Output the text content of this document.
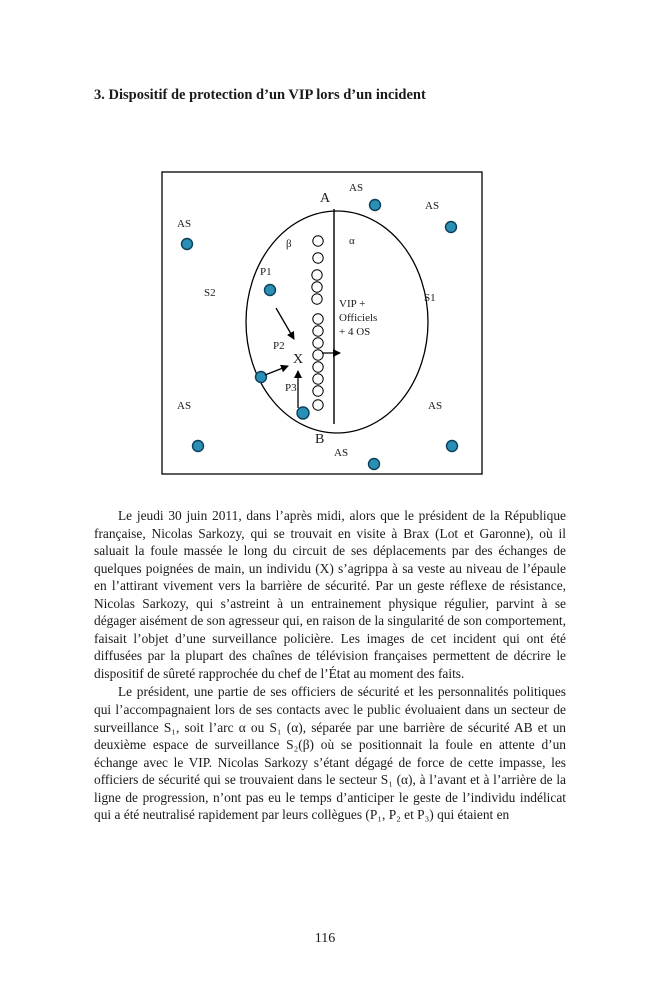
3. Dispositif de protection d’un VIP lors d’un incident
AS
A	AS
AS
β	α
P1
S2	S1
VIP +
Officiels
+ 4 OS
P2
X
P3
AS	AS
B
AS

Le jeudi 30 juin 2011, dans l’après midi, alors que le président de la République française, Nicolas Sarkozy, qui se trouvait en visite à Brax (Lot et Garonne), où il saluait la foule massée le long du circuit de ses déplacements par des échanges de quelques poignées de main, un individu (X) s’agrippa à sa veste au niveau de l’épaule en l’attirant vivement vers la barrière de sécurité. Par un geste réflexe de résistance, Nicolas Sarkozy, qui s’astreint à un entrainement physique régulier, parvint à se dégager aisément de son agresseur qui, en raison de la singularité de son comportement, faisait l’objet d’une surveillance policière. Les images de cet incident qui ont été diffusées par la plupart des chaînes de télévision françaises permettent de décrire le dispositif de sûreté rapprochée du chef de l’État au moment des faits.

Le président, une partie de ses officiers de sécurité et les personnalités politiques qui l’accompagnaient lors de ses contacts avec le public évoluaient dans un secteur de surveillance S₁, soit l’arc α ou S₁ (α), séparée par une barrière de sécurité AB et un deuxième espace de surveillance S₂(β) où se positionnait la foule en attente d’un échange avec le VIP. Nicolas Sarkozy s’étant dégagé de force de cette impasse, les officiers de sécurité qui se trouvaient dans le secteur S₁ (α), à l’avant et à l’arrière de la ligne de progression, n’ont pas eu le temps d’anticiper le geste de l’individu indélicat qui a été neutralisé rapidement par leurs collègues (P₁, P₂ et P₃) qui étaient en

116
